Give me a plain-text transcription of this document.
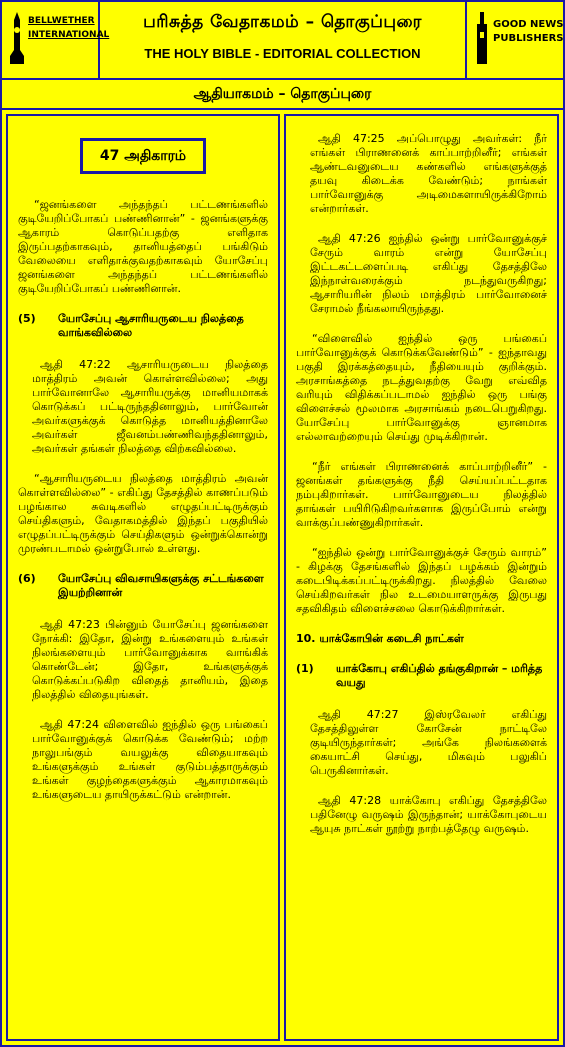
BELLWETHER
INTERNATIONAL
பரிசுத்த வேதாகமம் – தொகுப்புரை
THE HOLY BIBLE - EDITORIAL COLLECTION
GOOD NEWS
PUBLISHERS
ஆதியாகமம் – தொகுப்புரை
47 அதிகாரம்

“ஜனங்களை அந்தந்தப் பட்டணங்களில் குடியேறிப்போகப் பண்ணினான்” - ஜனங்களுக்கு ஆகாரம் கொடுப்பதற்கு எளிதாக இருப்பதற்காகவும், தானியத்தைப் பங்கிடும் வேலையை எளிதாக்குவதற்காகவும் யோசேப்பு ஜனங்களை அந்தந்தப் பட்டணங்களில் குடியேறிப்போகப் பண்ணினான்.

(5)	யோசேப்பு ஆசாரியருடைய நிலத்தை வாங்கவில்லை

ஆதி 47:22 ஆசாரியருடைய நிலத்தை மாத்திரம் அவன் கொள்ளவில்லை; அது பார்வோனாலே ஆசாரியருக்கு மானியமாகக் கொடுக்கப் பட்டிருந்ததினாலும், பார்வோன் அவர்களுக்குக் கொடுத்த மானியத்தினாலே அவர்கள் ஜீவனம்பண்ணிவந்ததினாலும், அவர்கள் தங்கள் நிலத்தை விற்கவில்லை.

“ஆசாரியருடைய நிலத்தை மாத்திரம் அவன் கொள்ளவில்லை” - எகிப்து தேசத்தில் காணப்படும் பழங்கால சுவடிகளில் எழுதப்பட்டிருக்கும் செய்திகளும், வேதாகமத்தில் இந்தப் பகுதியில் எழுதப்பட்டிருக்கும் செய்திகளும் ஒன்றுக்கொன்று முரண்படாமல் ஒன்றுபோல் உள்ளது.

(6)	யோசேப்பு விவசாயிகளுக்கு சட்டங்களை இயற்றினான்

ஆதி 47:23 பின்னும் யோசேப்பு ஜனங்களை நோக்கி: இதோ, இன்று உங்களையும் உங்கள் நிலங்களையும் பார்வோனுக்காக வாங்கிக் கொண்டேன்; இதோ, உங்களுக்குக் கொடுக்கப்படுகிற விதைத் தானியம், இதை நிலத்தில் விதையுங்கள்.

ஆதி 47:24 விளைவில் ஐந்தில் ஒரு பங்கைப் பார்வோனுக்குக் கொடுக்க வேண்டும்; மற்ற நாலுபங்கும் வயலுக்கு விதையாகவும் உங்களுக்கும் உங்கள் குடும்பத்தாருக்கும் உங்கள் குழந்தைகளுக்கும் ஆகாரமாகவும் உங்களுடைய தாயிருக்கட்டும் என்றான்.

ஆதி 47:25 அப்பொழுது அவர்கள்: நீர் எங்கள் பிராணனைக் காப்பாற்றினீர்; எங்கள் ஆண்டவனுடைய கண்களில் எங்களுக்குத் தயவு கிடைக்க வேண்டும்; நாங்கள் பார்வோனுக்கு அடிமைகளாயிருக்கிறோம் என்றார்கள்.

ஆதி 47:26 ஐந்தில் ஒன்று பார்வோனுக்குச் சேரும் வாரம் என்று யோசேப்பு இட்டகட்டளைப்படி எகிப்து தேசத்திலே இந்நாள்வரைக்கும் நடந்துவருகிறது; ஆசாரியரின் நிலம் மாத்திரம் பார்வோனைச் சேராமல் நீங்கலாயிருந்தது.

“விளைவில் ஐந்தில் ஒரு பங்கைப் பார்வோனுக்குக் கொடுக்கவேண்டும்” - ஐந்தாவது பகுதி இரக்கத்தையும், நீதியையும் குறிக்கும். அரசாங்கத்தை நடத்துவதற்கு வேறு எவ்வித வரியும் விதிக்கப்படாமல் ஐந்தில் ஒரு பங்கு விளைச்சல் மூலமாக அரசாங்கம் நடைபெறுகிறது. யோசேப்பு பார்வோனுக்கு ஞானமாக எல்லாவற்றையும் செய்து முடிக்கிறான்.

“நீர் எங்கள் பிராணனைக் காப்பாற்றினீர்” - ஜனங்கள் தங்களுக்கு நீதி செய்யப்பட்டதாக நம்புகிறார்கள். பார்வோனுடைய நிலத்தில் தாங்கள் பயிரிடுகிறவர்களாக இருப்போம் என்று வாக்குப்பண்ணுகிறார்கள்.

“ஐந்தில் ஒன்று பார்வோனுக்குச் சேரும் வாரம்” - கிழக்கு தேசங்களில் இந்தப் பழக்கம் இன்றும் கடைபிடிக்கப்பட்டிருக்கிறது. நிலத்தில் வேலை செய்கிறவர்கள் நில உடமையாளருக்கு இருபது சதவிகிதம் விளைச்சலை கொடுக்கிறார்கள்.

10. யாக்கோபின் கடைசி நாட்கள்
(1)	யாக்கோபு எகிப்தில் தங்குகிறான் – மரித்த வயது

ஆதி 47:27 இஸ்ரவேலர் எகிப்து தேசத்திலுள்ள கோசேன் நாட்டிலே குடியிருந்தார்கள்; அங்கே நிலங்களைக் கையாட்சி செய்து, மிகவும் பலுகிப் பெருகினார்கள்.

ஆதி 47:28 யாக்கோபு எகிப்து தேசத்திலே பதினேழு வருஷம் இருந்தான்; யாக்கோபுடைய ஆயுசு நாட்கள் நூற்று நாற்பத்தேழு வருஷம்.
